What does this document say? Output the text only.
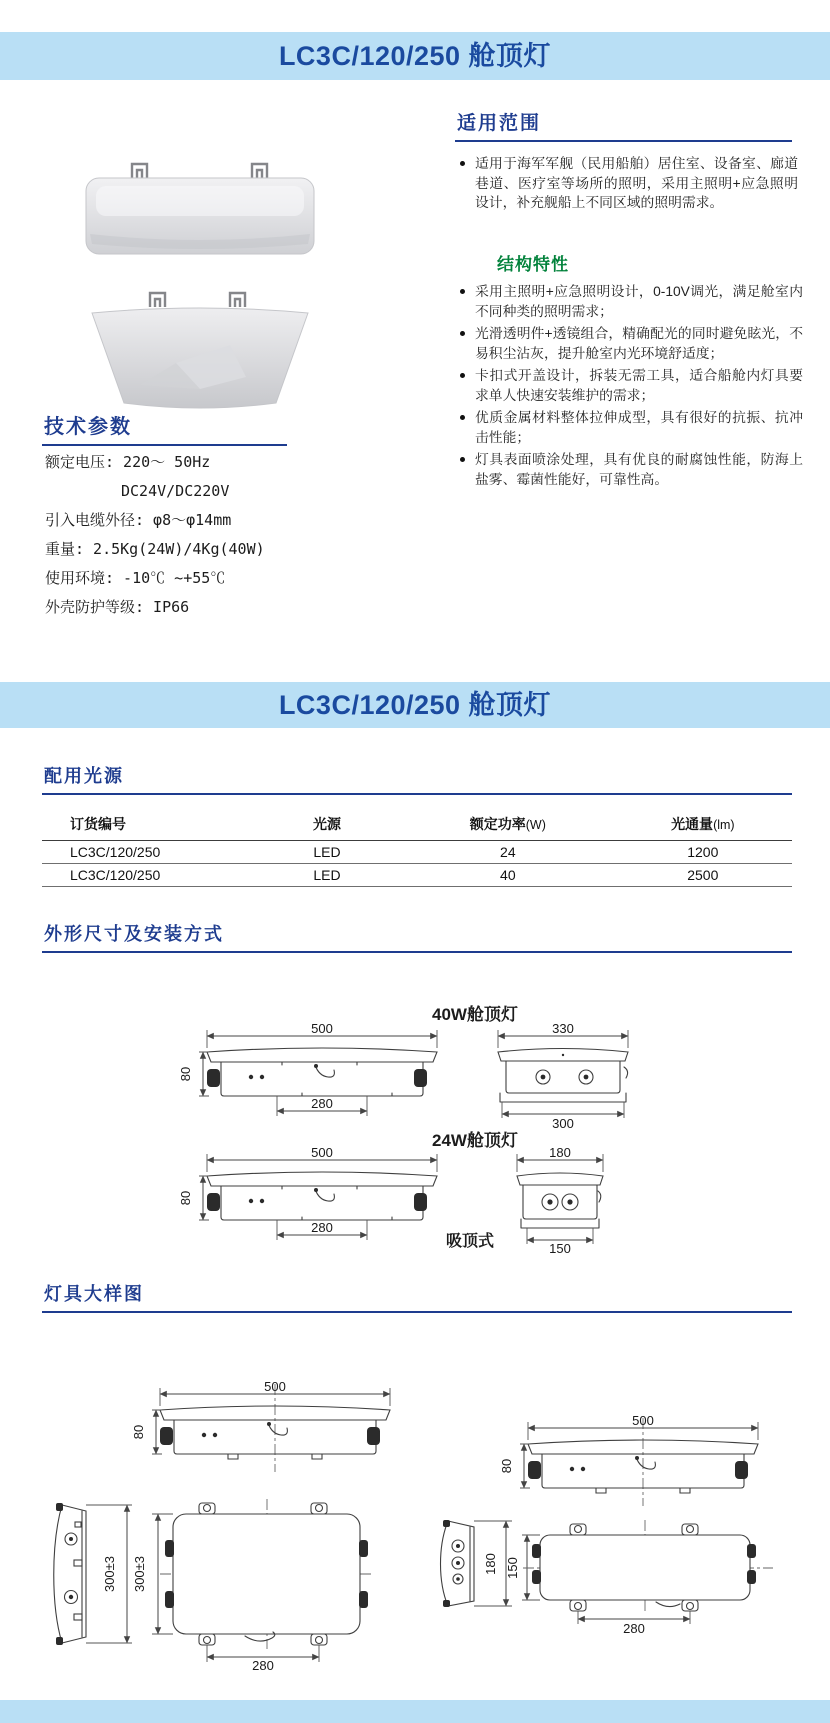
LC3C/120/250 舱顶灯
适用范围
适用于海军军舰（民用船舶）居住室、设备室、廊道巷道、医疗室等场所的照明，采用主照明+应急照明设计，补充舰船上不同区域的照明需求。
结构特性
采用主照明+应急照明设计，0-10V调光，满足舱室内不同种类的照明需求；
光滑透明件+透镜组合，精确配光的同时避免眩光，不易积尘沾灰，提升舱室内光环境舒适度；
卡扣式开盖设计，拆装无需工具，适合船舱内灯具要求单人快速安装维护的需求；
优质金属材料整体拉伸成型，具有很好的抗振、抗冲击性能；
灯具表面喷涂处理，具有优良的耐腐蚀性能，防海上盐雾、霉菌性能好，可靠性高。
技术参数
额定电压: 220～ 50Hz
DC24V/DC220V
引入电缆外径: φ8～φ14mm
重量: 2.5Kg(24W)/4Kg(40W)
使用环境: -10℃ ~+55℃
外壳防护等级: IP66
LC3C/120/250 舱顶灯
配用光源
订货编号	光源	额定功率(W)	光通量(lm)
LC3C/120/250	LED	24	1200
LC3C/120/250	LED	40	2500
外形尺寸及安装方式
40W舱顶灯
500
80
280
330
300
24W舱顶灯
500
80
280
180
150
吸顶式
灯具大样图
500
80
500
80
300±3 300±3
280
180 150
280
